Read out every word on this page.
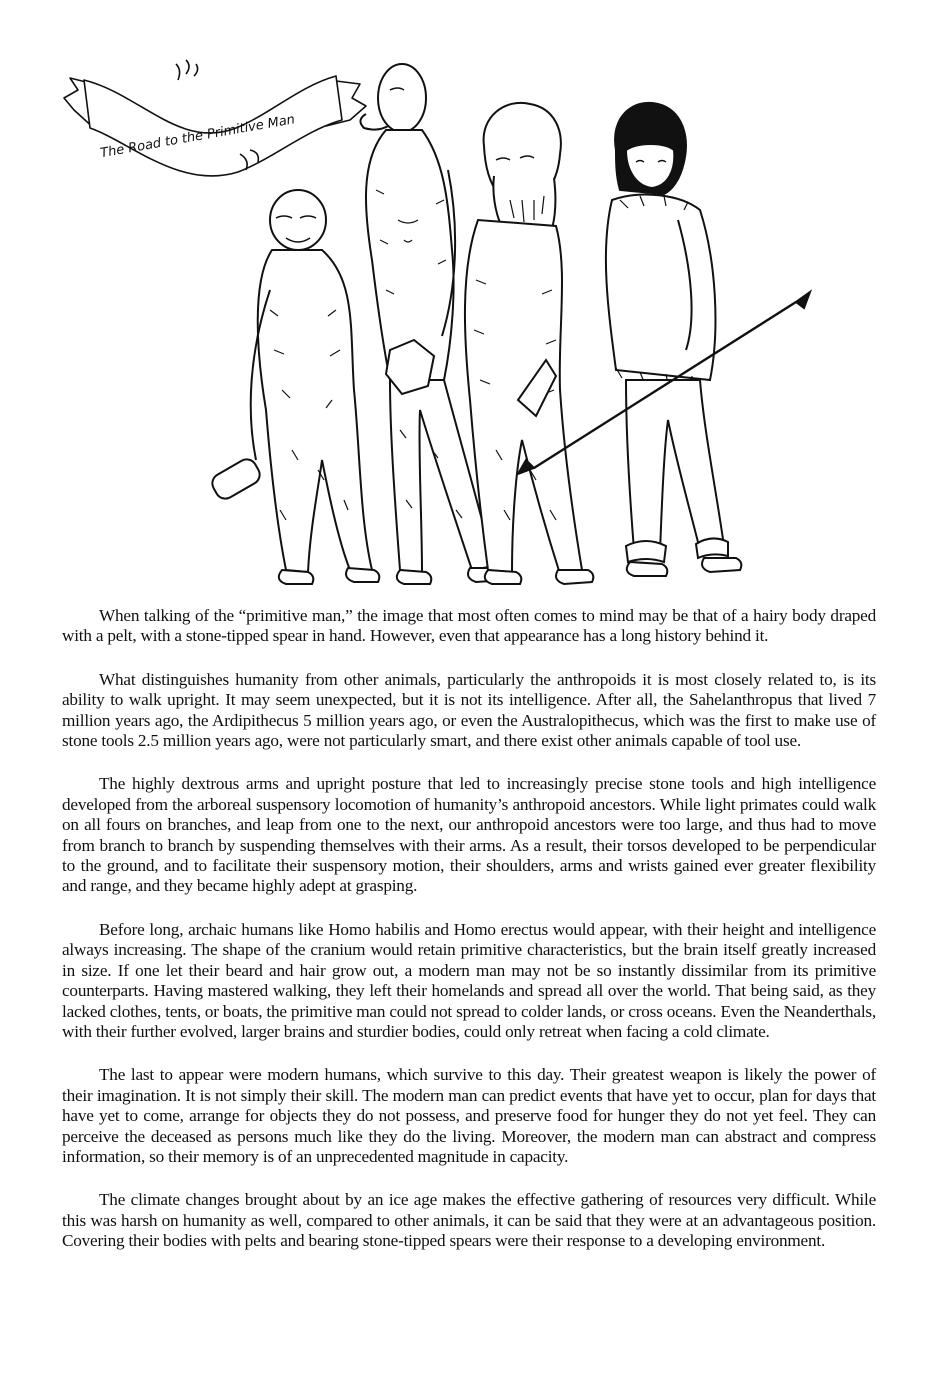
The Road to the Primitive Man

When talking of the “primitive man,” the image that most often comes to mind may be that of a hairy body draped with a pelt, with a stone-tipped spear in hand. However, even that appearance has a long history behind it.

What distinguishes humanity from other animals, particularly the anthropoids it is most closely related to, is its ability to walk upright. It may seem unexpected, but it is not its intelligence. After all, the Sahelanthropus that lived 7 million years ago, the Ardipithecus 5 million years ago, or even the Australopithecus, which was the first to make use of stone tools 2.5 million years ago, were not particularly smart, and there exist other animals capable of tool use.

The highly dextrous arms and upright posture that led to increasingly precise stone tools and high intelligence developed from the arboreal suspensory locomotion of humanity’s anthropoid ancestors. While light primates could walk on all fours on branches, and leap from one to the next, our anthropoid ancestors were too large, and thus had to move from branch to branch by suspending themselves with their arms. As a result, their torsos developed to be perpendicular to the ground, and to facilitate their suspensory motion, their shoulders, arms and wrists gained ever greater flexibility and range, and they became highly adept at grasping.

Before long, archaic humans like Homo habilis and Homo erectus would appear, with their height and intelligence always increasing. The shape of the cranium would retain primitive characteristics, but the brain itself greatly increased in size. If one let their beard and hair grow out, a modern man may not be so instantly dissimilar from its primitive counterparts. Having mastered walking, they left their homelands and spread all over the world. That being said, as they lacked clothes, tents, or boats, the primitive man could not spread to colder lands, or cross oceans. Even the Neanderthals, with their further evolved, larger brains and sturdier bodies, could only retreat when facing a cold climate.

The last to appear were modern humans, which survive to this day. Their greatest weapon is likely the power of their imagination. It is not simply their skill. The modern man can predict events that have yet to occur, plan for days that have yet to come, arrange for objects they do not possess, and preserve food for hunger they do not yet feel. They can perceive the deceased as persons much like they do the living. Moreover, the modern man can abstract and compress information, so their memory is of an unprecedented magnitude in capacity.

The climate changes brought about by an ice age makes the effective gathering of resources very difficult. While this was harsh on humanity as well, compared to other animals, it can be said that they were at an advantageous position. Covering their bodies with pelts and bearing stone-tipped spears were their response to a developing environment.
